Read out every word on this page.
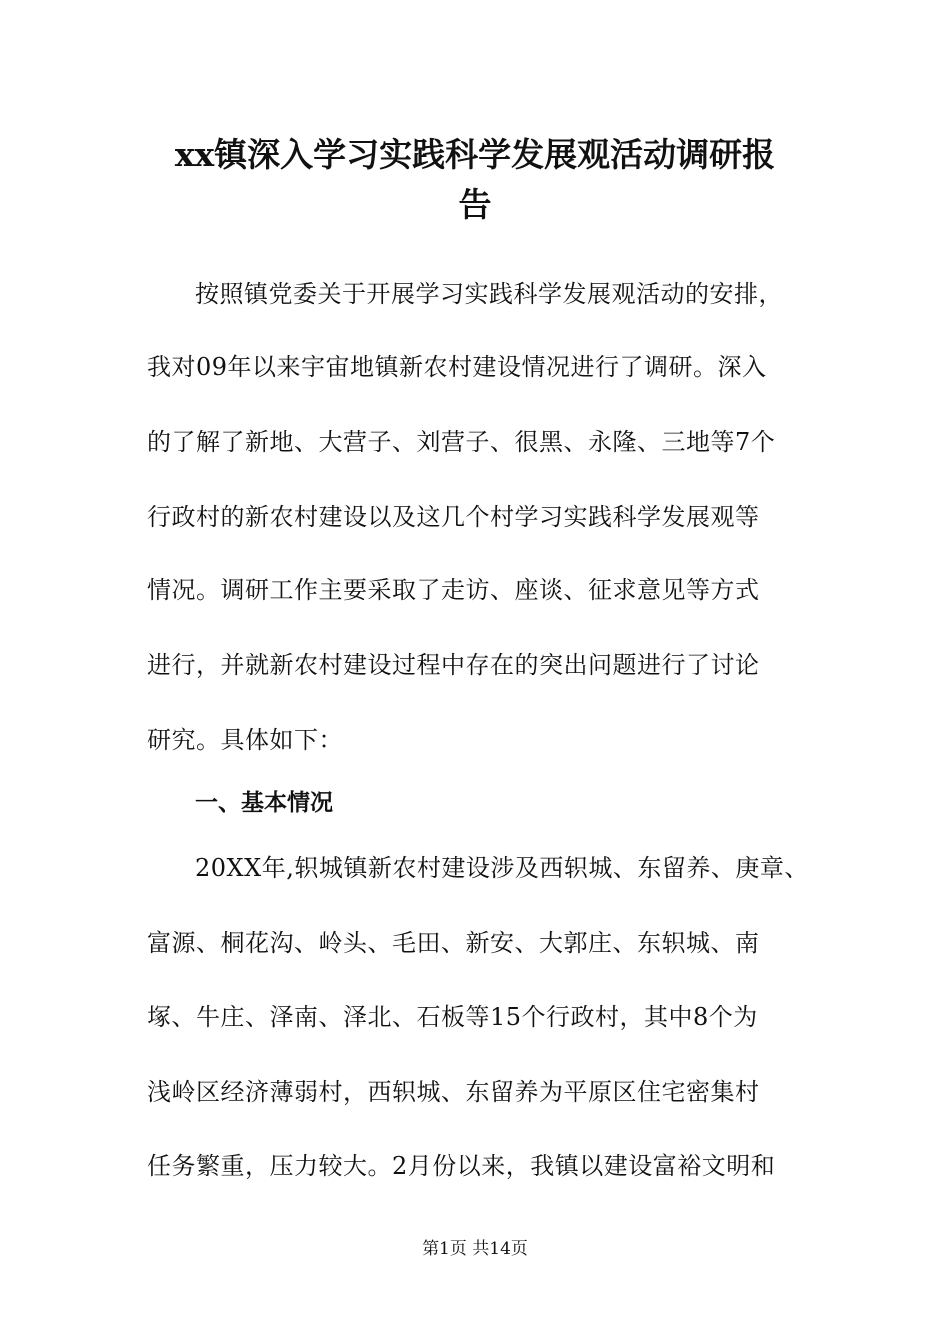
xx镇深入学习实践科学发展观活动调研报
告
按照镇党委关于开展学习实践科学发展观活动的安排，
我对09年以来宇宙地镇新农村建设情况进行了调研。深入
的了解了新地、大营子、刘营子、很黑、永隆、三地等7个
行政村的新农村建设以及这几个村学习实践科学发展观等
情况。调研工作主要采取了走访、座谈、征求意见等方式
进行，并就新农村建设过程中存在的突出问题进行了讨论
研究。具体如下：
一、基本情况
20XX年,轵城镇新农村建设涉及西轵城、东留养、庚章、
富源、桐花沟、岭头、毛田、新安、大郭庄、东轵城、南
塚、牛庄、泽南、泽北、石板等15个行政村，其中8个为
浅岭区经济薄弱村，西轵城、东留养为平原区住宅密集村
任务繁重，压力较大。2月份以来，我镇以建设富裕文明和
第1页 共14页
